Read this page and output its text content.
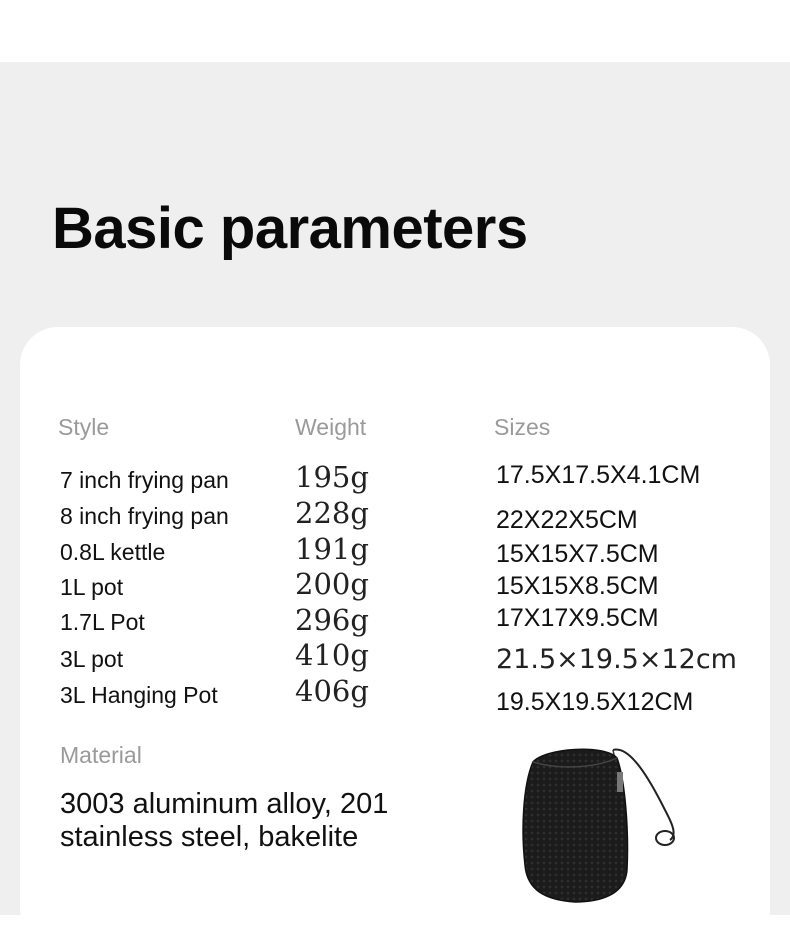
Basic parameters
Style	Weight	Sizes
7 inch frying pan 195g	17.5X17.5X4.1CM
8 inch frying pan 228g	22X22X5CM
0.8L kettle	191g	15X15X7.5CM
1L pot	200g	15X15X8.5CM
1.7L Pot	296g	17X17X9.5CM
3L pot	410g	21.5×19.5×12cm
3L Hanging Pot	406g	19.5X19.5X12CM
Material
3003 aluminum alloy, 201 stainless steel, bakelite
